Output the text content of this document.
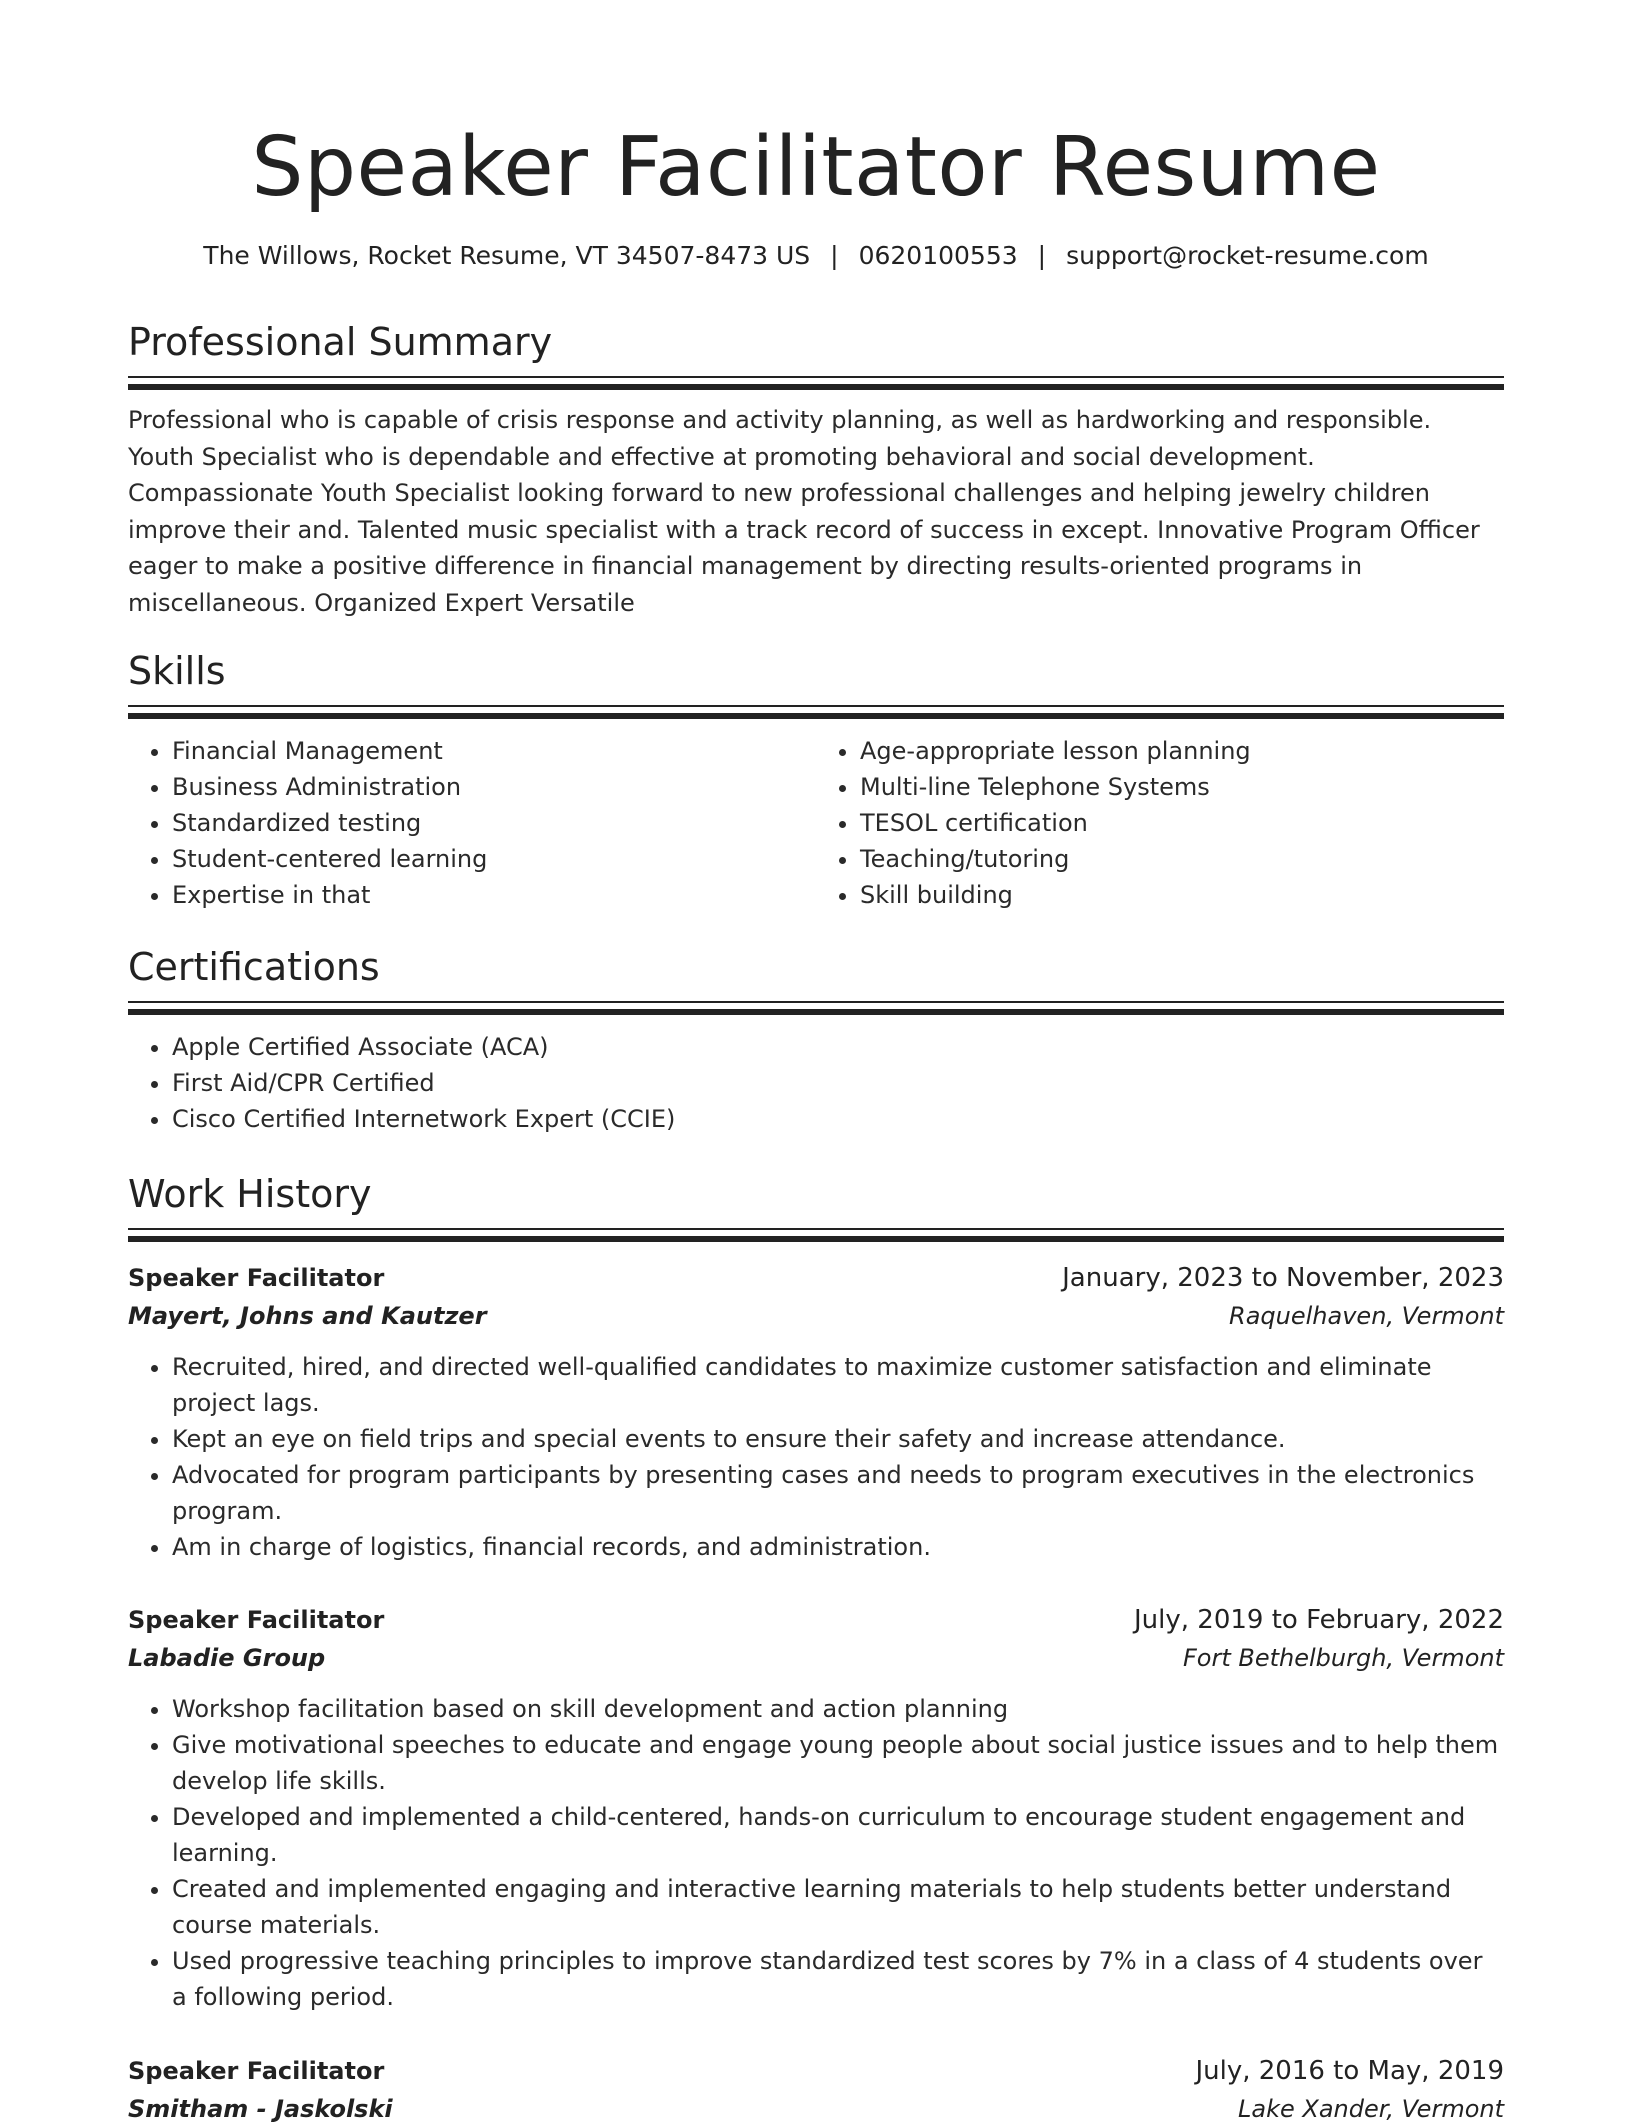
Speaker Facilitator Resume
The Willows, Rocket Resume, VT 34507-8473 US | 0620100553 | support@rocket-resume.com
Professional Summary

Professional who is capable of crisis response and activity planning, as well as hardworking and responsible. Youth Specialist who is dependable and effective at promoting behavioral and social development. Compassionate Youth Specialist looking forward to new professional challenges and helping jewelry children improve their and. Talented music specialist with a track record of success in except. Innovative Program Officer eager to make a positive difference in financial management by directing results-oriented programs in miscellaneous. Organized Expert Versatile

Skills
• Financial Management
• Business Administration
• Standardized testing
• Student-centered learning
• Expertise in that
• Age-appropriate lesson planning
• Multi-line Telephone Systems
• TESOL certification
• Teaching/tutoring
• Skill building
Certifications
• Apple Certified Associate (ACA)
• First Aid/CPR Certified
• Cisco Certified Internetwork Expert (CCIE)
Work History
Speaker Facilitator	January, 2023 to November, 2023
Mayert, Johns and Kautzer	Raquelhaven, Vermont
• Recruited, hired, and directed well-qualified candidates to maximize customer satisfaction and eliminate project lags.
• Kept an eye on field trips and special events to ensure their safety and increase attendance.
• Advocated for program participants by presenting cases and needs to program executives in the electronics program.
• Am in charge of logistics, financial records, and administration.
Speaker Facilitator	July, 2019 to February, 2022
Labadie Group	Fort Bethelburgh, Vermont
• Workshop facilitation based on skill development and action planning
• Give motivational speeches to educate and engage young people about social justice issues and to help them develop life skills.
• Developed and implemented a child-centered, hands-on curriculum to encourage student engagement and learning.
• Created and implemented engaging and interactive learning materials to help students better understand course materials.
• Used progressive teaching principles to improve standardized test scores by 7% in a class of 4 students over a following period.
Speaker Facilitator	July, 2016 to May, 2019
Smitham - Jaskolski	Lake Xander, Vermont
